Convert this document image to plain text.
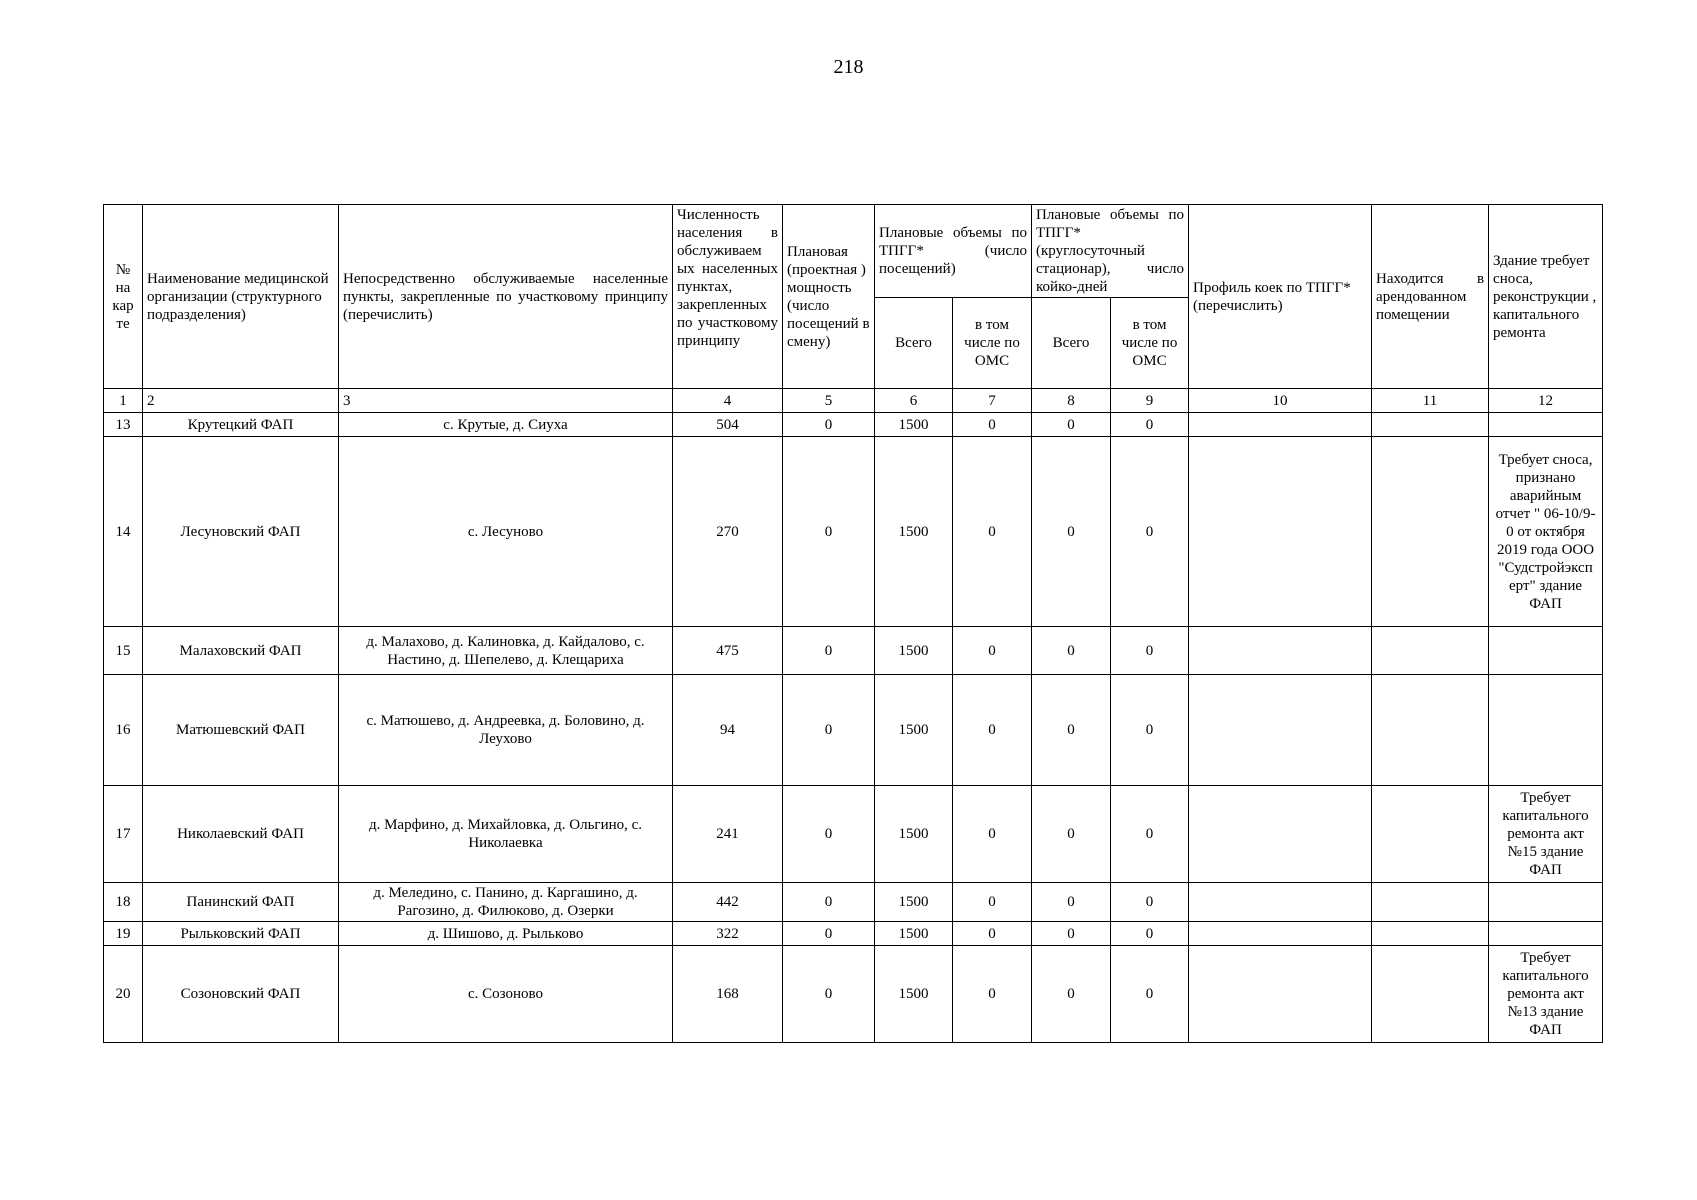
218
№ на кар те	Наименование медицинской организации (структурного подразделения)	Непосредственно обслуживаемые населенные пункты, закрепленные по участковому принципу (перечислить)	Численность населения в обслуживаем ых населенных пунктах, закрепленных по участковому принципу	Плановая (проектная ) мощность (число посещений в смену)	Плановые объемы по ТПГГ* (число посещений)		Плановые объемы по ТПГГ* (круглосуточный стационар), число койко-дней		Профиль коек по ТПГГ* (перечислить)	Находится в арендованном помещении	Здание требует сноса, реконструкции , капитального ремонта
					Всего	в том числе по ОМС	Всего	в том числе по ОМС			
1	2	3	4	5	6	7	8	9	10	11	12
13	Крутецкий ФАП	с. Крутые, д. Сиуха	504	0	1500	0	0	0			
14	Лесуновский ФАП	с. Лесуново	270	0	1500	0	0	0			Требует сноса, признано аварийным отчет " 06-10/9-0 от октября 2019 года ООО "Судстройэксп ерт" здание ФАП
15	Малаховский ФАП	д. Малахово, д. Калиновка, д. Кайдалово, с. Настино, д. Шепелево, д. Клещариха	475	0	1500	0	0	0			
16	Матюшевский ФАП	с. Матюшево, д. Андреевка, д. Боловино, д. Леухово	94	0	1500	0	0	0			
17	Николаевский ФАП	д. Марфино, д. Михайловка, д. Ольгино, с. Николаевка	241	0	1500	0	0	0			Требует капитального ремонта акт №15 здание ФАП
18	Панинский ФАП	д. Меледино, с. Панино, д. Каргашино, д. Рагозино, д. Филюково, д. Озерки	442	0	1500	0	0	0			
19	Рыльковский ФАП	д. Шишово, д. Рыльково	322	0	1500	0	0	0			
20	Созоновский ФАП	с. Созоново	168	0	1500	0	0	0			Требует капитального ремонта акт №13 здание ФАП
